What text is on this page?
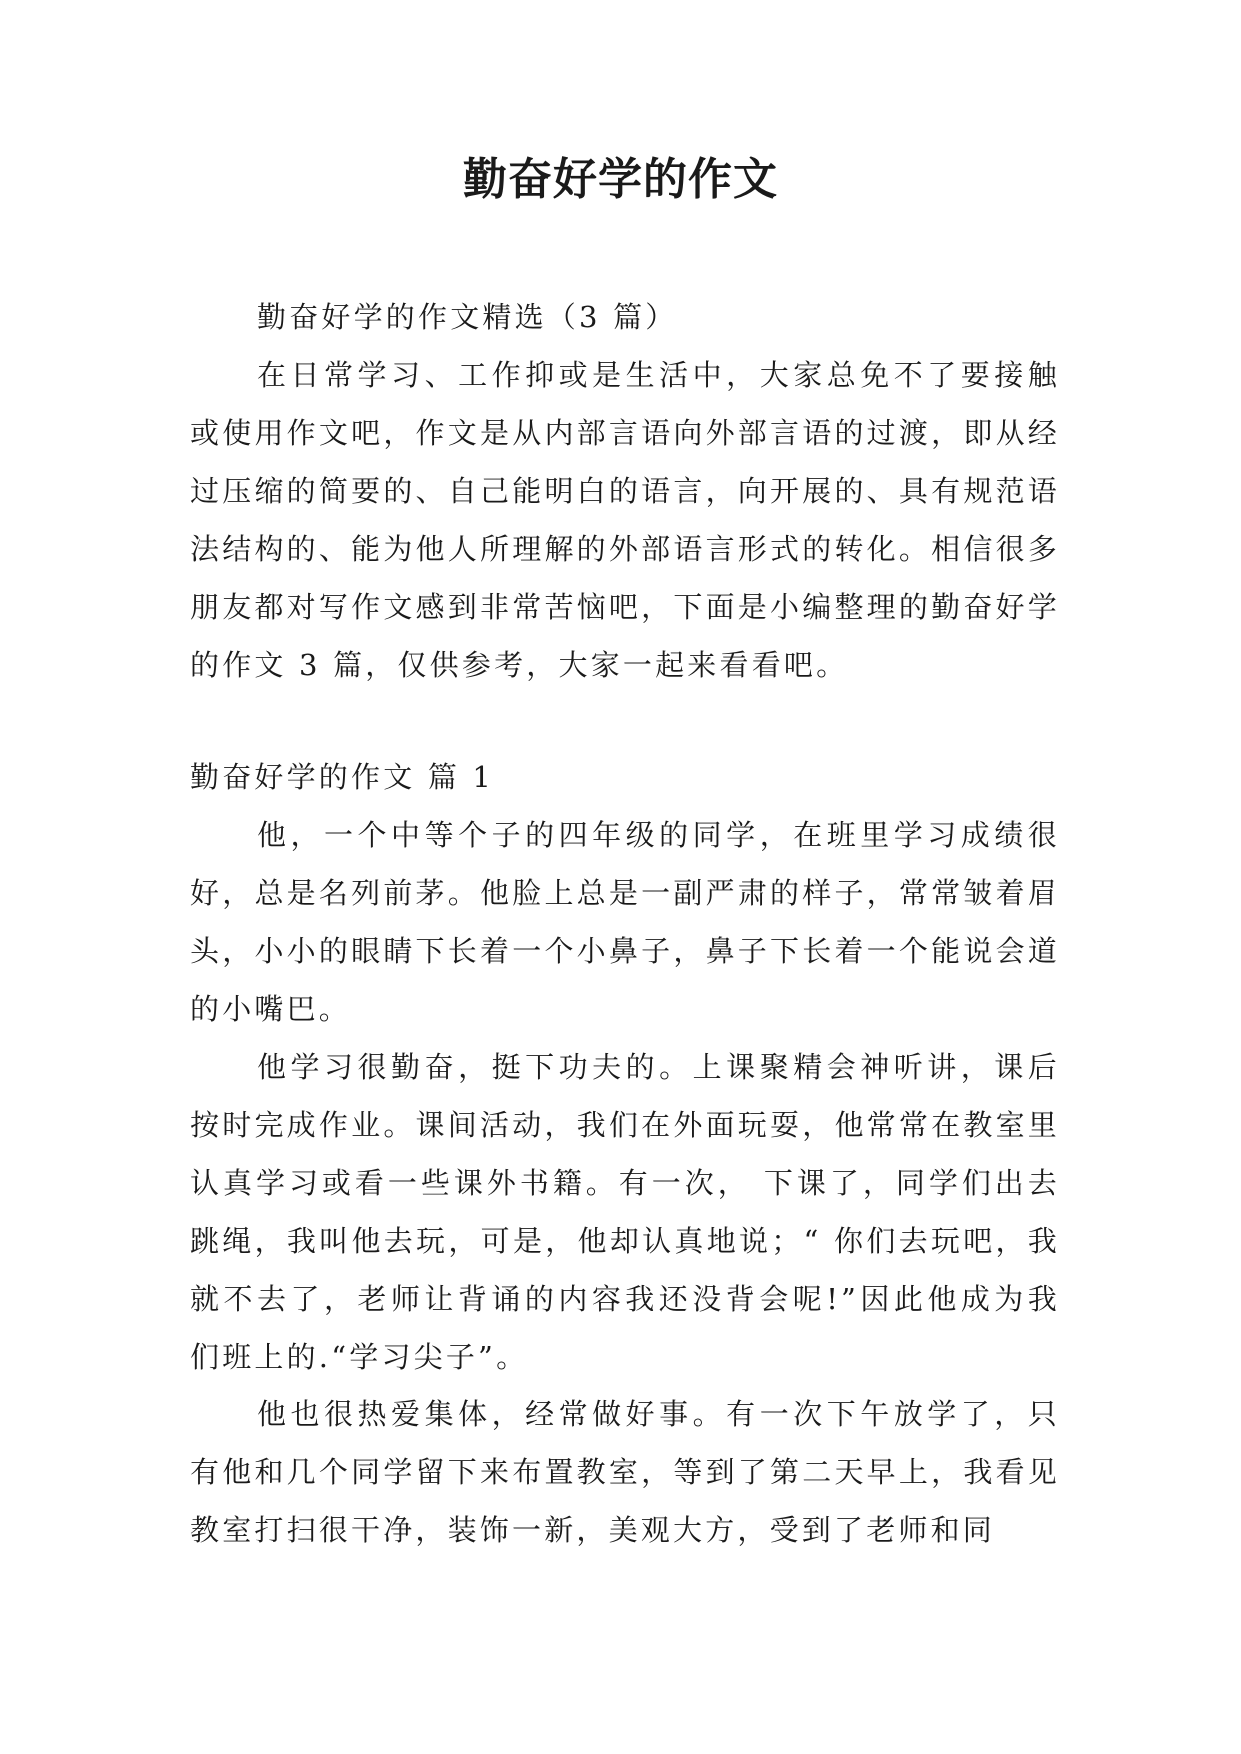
勤奋好学的作文

勤奋好学的作文精选（3 篇）

在日常学习、工作抑或是生活中，大家总免不了要接触或使用作文吧，作文是从内部言语向外部言语的过渡，即从经过压缩的简要的、自己能明白的语言，向开展的、具有规范语法结构的、能为他人所理解的外部语言形式的转化。相信很多朋友都对写作文感到非常苦恼吧，下面是小编整理的勤奋好学的作文 3 篇，仅供参考，大家一起来看看吧。

勤奋好学的作文 篇 1

他，一个中等个子的四年级的同学，在班里学习成绩很好，总是名列前茅。他脸上总是一副严肃的样子，常常皱着眉头，小小的眼睛下长着一个小鼻子，鼻子下长着一个能说会道的小嘴巴。

他学习很勤奋，挺下功夫的。上课聚精会神听讲，课后按时完成作业。课间活动，我们在外面玩耍，他常常在教室里认真学习或看一些课外书籍。有一次， 下课了，同学们出去跳绳，我叫他去玩，可是，他却认真地说；“ 你们去玩吧，我就不去了，老师让背诵的内容我还没背会呢!”因此他成为我们班上的.“学习尖子”。

他也很热爱集体，经常做好事。有一次下午放学了，只有他和几个同学留下来布置教室，等到了第二天早上，我看见教室打扫很干净，装饰一新，美观大方，受到了老师和同
